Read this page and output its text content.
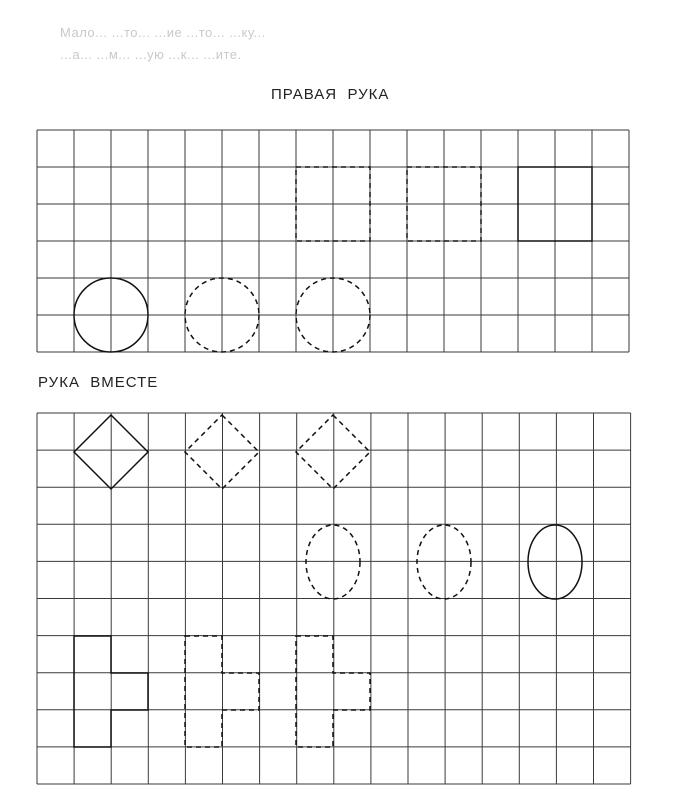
Мало... ...то... ...ие ...то... ...ку...
...а... ...м... ...ую ...к... ...ите.
ПРАВАЯ  РУКА
РУКА  ВМЕСТЕ
